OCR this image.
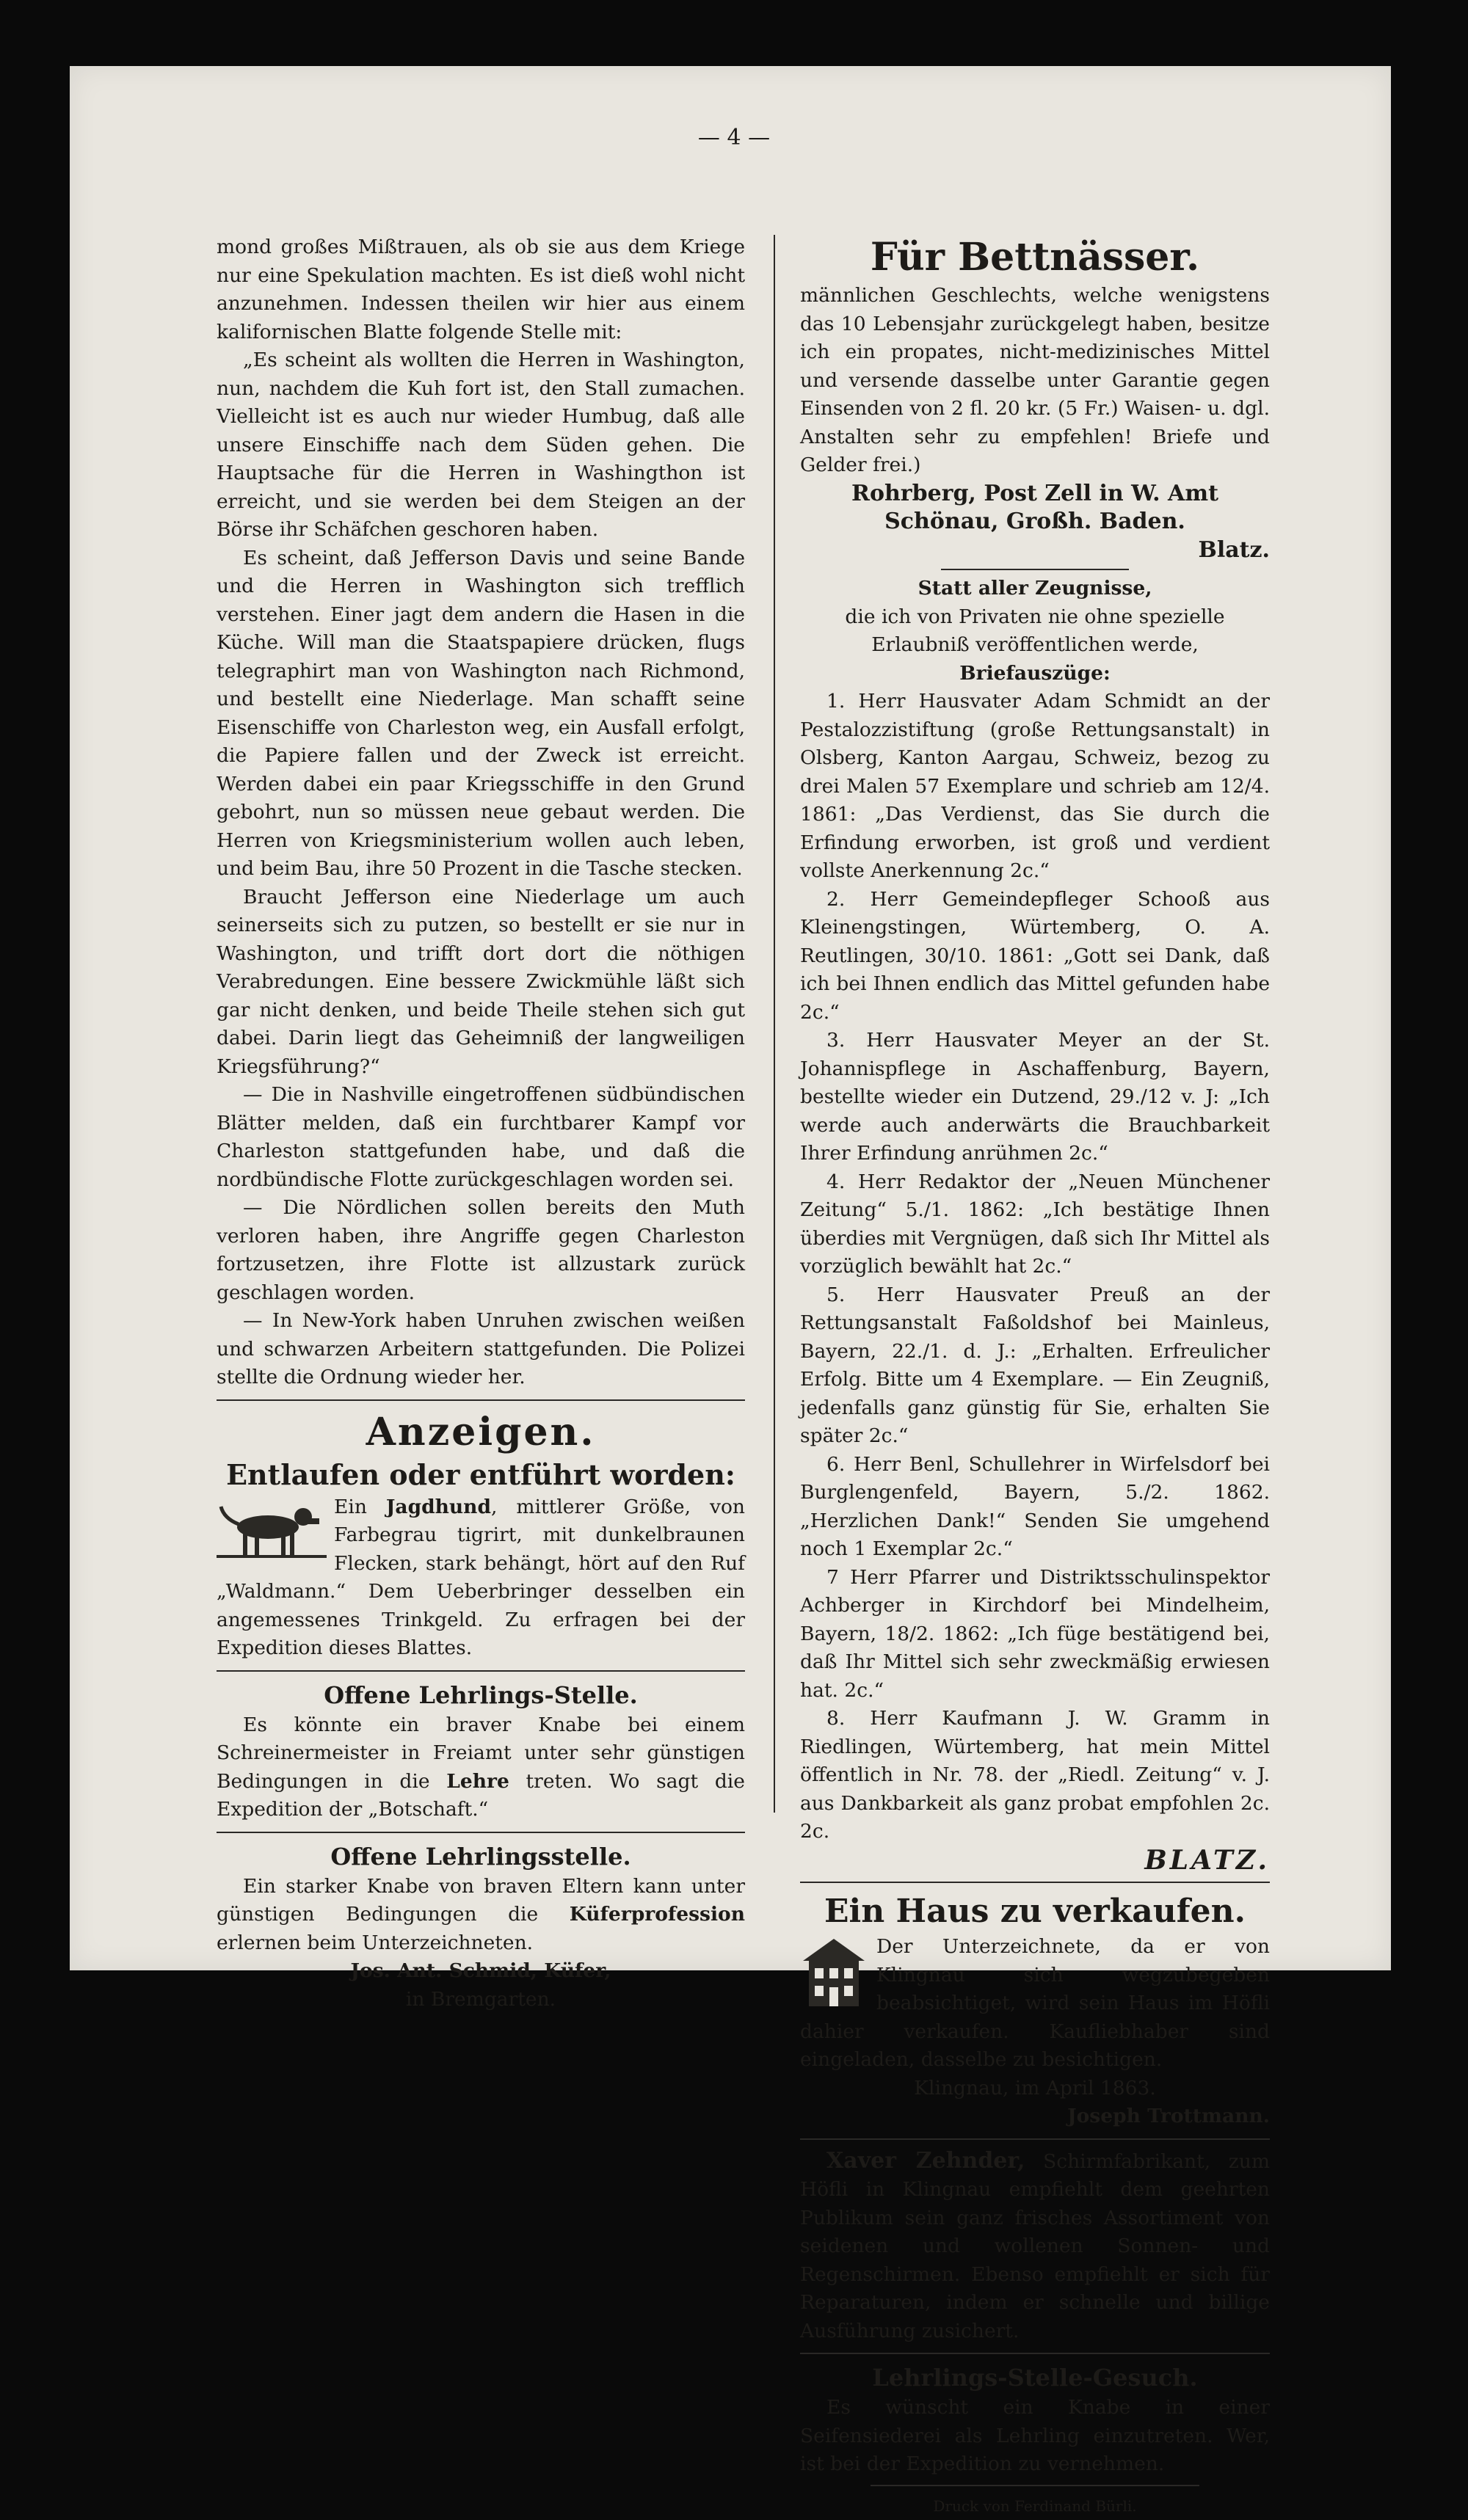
— 4 —

mond großes Mißtrauen, als ob sie aus dem Kriege nur eine Spekulation machten. Es ist dieß wohl nicht anzunehmen. Indessen theilen wir hier aus einem kalifornischen Blatte folgende Stelle mit:

„Es scheint als wollten die Herren in Washington, nun, nachdem die Kuh fort ist, den Stall zumachen. Vielleicht ist es auch nur wieder Humbug, daß alle unsere Einschiffe nach dem Süden gehen. Die Hauptsache für die Herren in Washingthon ist erreicht, und sie werden bei dem Steigen an der Börse ihr Schäfchen geschoren haben.

Es scheint, daß Jefferson Davis und seine Bande und die Herren in Washington sich trefflich verstehen. Einer jagt dem andern die Hasen in die Küche. Will man die Staatspapiere drücken, flugs telegraphirt man von Washington nach Richmond, und bestellt eine Niederlage. Man schafft seine Eisenschiffe von Charleston weg, ein Ausfall erfolgt, die Papiere fallen und der Zweck ist erreicht. Werden dabei ein paar Kriegsschiffe in den Grund gebohrt, nun so müssen neue gebaut werden. Die Herren von Kriegsministerium wollen auch leben, und beim Bau, ihre 50 Prozent in die Tasche stecken.

Braucht Jefferson eine Niederlage um auch seinerseits sich zu putzen, so bestellt er sie nur in Washington, und trifft dort dort die nöthigen Verabredungen. Eine bessere Zwickmühle läßt sich gar nicht denken, und beide Theile stehen sich gut dabei. Darin liegt das Geheimniß der langweiligen Kriegsführung?“

— Die in Nashville eingetroffenen südbündischen Blätter melden, daß ein furchtbarer Kampf vor Charleston stattgefunden habe, und daß die nordbündische Flotte zurückgeschlagen worden sei.

— Die Nördlichen sollen bereits den Muth verloren haben, ihre Angriffe gegen Charleston fortzusetzen, ihre Flotte ist allzustark zurück geschlagen worden.

— In New-York haben Unruhen zwischen weißen und schwarzen Arbeitern stattgefunden. Die Polizei stellte die Ordnung wieder her.

Anzeigen.
Entlaufen oder entführt worden:

Ein Jagdhund, mittlerer Größe, von Farbegrau tigrirt, mit dunkelbraunen Flecken, stark behängt, hört auf den Ruf „Waldmann.“ Dem Ueberbringer desselben ein angemessenes Trinkgeld. Zu erfragen bei der Expedition dieses Blattes.

Offene Lehrlings-Stelle.

Es könnte ein braver Knabe bei einem Schreinermeister in Freiamt unter sehr günstigen Bedingungen in die Lehre treten. Wo sagt die Expedition der „Botschaft.“

Offene Lehrlingsstelle.

Ein starker Knabe von braven Eltern kann unter günstigen Bedingungen die Küferprofession erlernen beim Unterzeichneten.

Jos. Ant. Schmid, Küfer,

in Bremgarten.

Für Bettnässer.

männlichen Geschlechts, welche wenigstens das 10 Lebensjahr zurückgelegt haben, besitze ich ein propates, nicht-medizinisches Mittel und versende dasselbe unter Garantie gegen Einsenden von 2 fl. 20 kr. (5 Fr.) Waisen- u. dgl. Anstalten sehr zu empfehlen! Briefe und Gelder frei.)

Rohrberg, Post Zell in W. Amt Schönau, Großh. Baden.

Blatz.

Statt aller Zeugnisse,

die ich von Privaten nie ohne spezielle Erlaubniß veröffentlichen werde,

Briefauszüge:

1. Herr Hausvater Adam Schmidt an der Pestalozzistiftung (große Rettungsanstalt) in Olsberg, Kanton Aargau, Schweiz, bezog zu drei Malen 57 Exemplare und schrieb am 12/4. 1861: „Das Verdienst, das Sie durch die Erfindung erworben, ist groß und verdient vollste Anerkennung 2c.“

2. Herr Gemeindepfleger Schooß aus Kleinengstingen, Würtemberg, O. A. Reutlingen, 30/10. 1861: „Gott sei Dank, daß ich bei Ihnen endlich das Mittel gefunden habe 2c.“

3. Herr Hausvater Meyer an der St. Johannispflege in Aschaffenburg, Bayern, bestellte wieder ein Dutzend, 29./12 v. J: „Ich werde auch anderwärts die Brauchbarkeit Ihrer Erfindung anrühmen 2c.“

4. Herr Redaktor der „Neuen Münchener Zeitung“ 5./1. 1862: „Ich bestätige Ihnen überdies mit Vergnügen, daß sich Ihr Mittel als vorzüglich bewählt hat 2c.“

5. Herr Hausvater Preuß an der Rettungsanstalt Faßoldshof bei Mainleus, Bayern, 22./1. d. J.: „Erhalten. Erfreulicher Erfolg. Bitte um 4 Exemplare. — Ein Zeugniß, jedenfalls ganz günstig für Sie, erhalten Sie später 2c.“

6. Herr Benl, Schullehrer in Wirfelsdorf bei Burglengenfeld, Bayern, 5./2. 1862. „Herzlichen Dank!“ Senden Sie umgehend noch 1 Exemplar 2c.“

7 Herr Pfarrer und Distriktsschulinspektor Achberger in Kirchdorf bei Mindelheim, Bayern, 18/2. 1862: „Ich füge bestätigend bei, daß Ihr Mittel sich sehr zweckmäßig erwiesen hat. 2c.“

8. Herr Kaufmann J. W. Gramm in Riedlingen, Würtemberg, hat mein Mittel öffentlich in Nr. 78. der „Riedl. Zeitung“ v. J. aus Dankbarkeit als ganz probat empfohlen 2c. 2c.

BLATZ.
Ein Haus zu verkaufen.

Der Unterzeichnete, da er von Klingnau sich wegzubegeben beabsichtiget, wird sein Haus im Höfli dahier verkaufen. Kaufliebhaber sind eingeladen, dasselbe zu besichtigen.

Klingnau, im April 1863.

Joseph Trottmann.

Xaver Zehnder, Schirmfabrikant, zum Höfli in Klingnau empfiehlt dem geehrten Publikum sein ganz frisches Assortiment von seidenen und wollenen Sonnen- und Regenschirmen. Ebenso empfiehlt er sich für Reparaturen, indem er schnelle und billige Ausführung zusichert.

Lehrlings-Stelle-Gesuch.

Es wünscht ein Knabe in einer Seifensiederei als Lehrling einzutreten. Wer, ist bei der Expedition zu vernehmen.

Druck von Ferdinand Bürli.
